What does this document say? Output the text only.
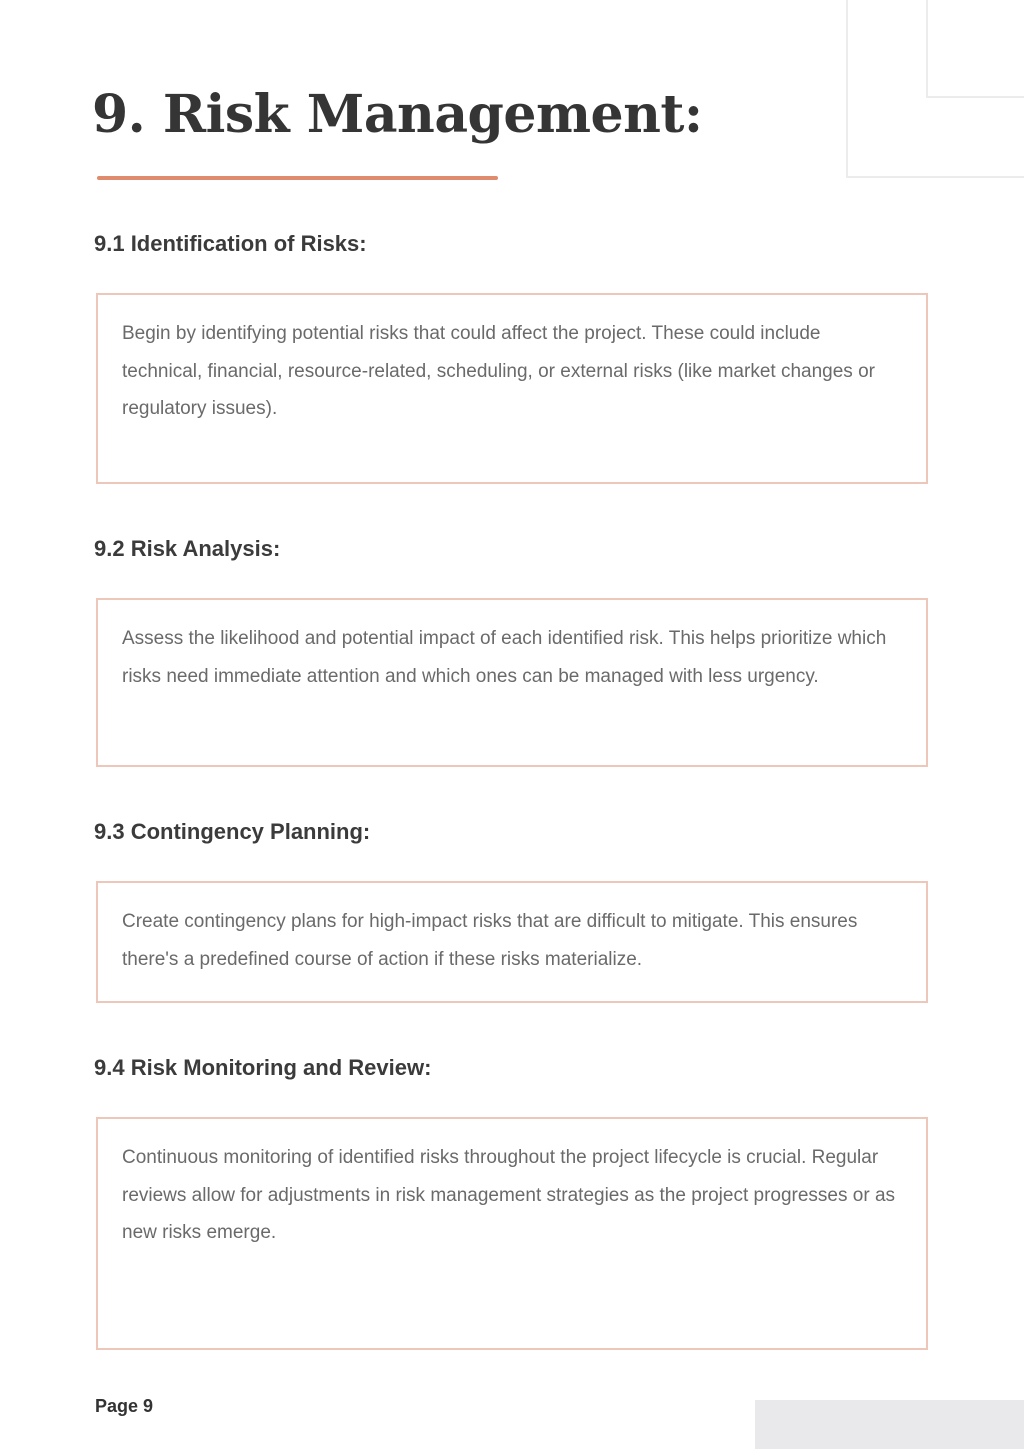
9. Risk Management:
9.1 Identification of Risks:

Begin by identifying potential risks that could affect the project. These could include technical, financial, resource-related, scheduling, or external risks (like market changes or regulatory issues).

9.2 Risk Analysis:

Assess the likelihood and potential impact of each identified risk. This helps prioritize which risks need immediate attention and which ones can be managed with less urgency.

9.3 Contingency Planning:

Create contingency plans for high-impact risks that are difficult to mitigate. This ensures there's a predefined course of action if these risks materialize.

9.4 Risk Monitoring and Review:

Continuous monitoring of identified risks throughout the project lifecycle is crucial. Regular reviews allow for adjustments in risk management strategies as the project progresses or as new risks emerge.

Page 9
